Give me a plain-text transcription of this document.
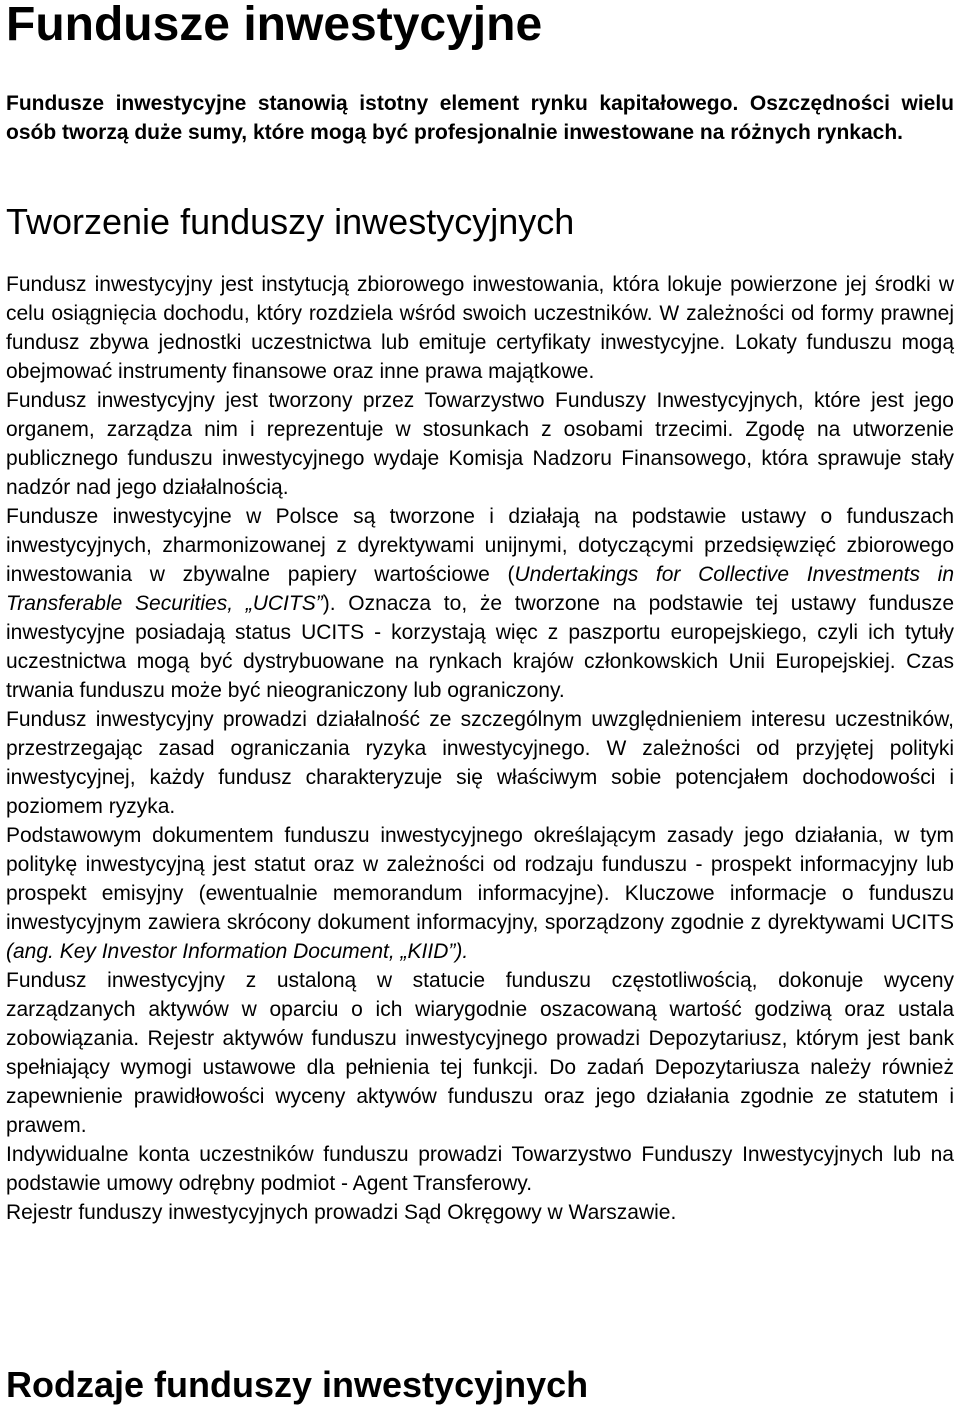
Fundusze inwestycyjne

Fundusze inwestycyjne stanowią istotny element rynku kapitałowego. Oszczędności wielu osób tworzą duże sumy, które mogą być profesjonalnie inwestowane na różnych rynkach.

Tworzenie funduszy inwestycyjnych

Fundusz inwestycyjny jest instytucją zbiorowego inwestowania, która lokuje powierzone jej środki w celu osiągnięcia dochodu, który rozdziela wśród swoich uczestników. W zależności od formy prawnej fundusz zbywa jednostki uczestnictwa lub emituje certyfikaty inwestycyjne. Lokaty funduszu mogą obejmować instrumenty finansowe oraz inne prawa majątkowe.

Fundusz inwestycyjny jest tworzony przez Towarzystwo Funduszy Inwestycyjnych, które jest jego organem, zarządza nim i reprezentuje w stosunkach z osobami trzecimi. Zgodę na utworzenie publicznego funduszu inwestycyjnego wydaje Komisja Nadzoru Finansowego, która sprawuje stały nadzór nad jego działalnością.

Fundusze inwestycyjne w Polsce są tworzone i działają na podstawie ustawy o funduszach inwestycyjnych, zharmonizowanej z dyrektywami unijnymi, dotyczącymi przedsięwzięć zbiorowego inwestowania w zbywalne papiery wartościowe (Undertakings for Collective Investments in Transferable Securities, „UCITS”). Oznacza to, że tworzone na podstawie tej ustawy fundusze inwestycyjne posiadają status UCITS - korzystają więc z paszportu europejskiego, czyli ich tytuły uczestnictwa mogą być dystrybuowane na rynkach krajów członkowskich Unii Europejskiej. Czas trwania funduszu może być nieograniczony lub ograniczony.

Fundusz inwestycyjny prowadzi działalność ze szczególnym uwzględnieniem interesu uczestników, przestrzegając zasad ograniczania ryzyka inwestycyjnego. W zależności od przyjętej polityki inwestycyjnej, każdy fundusz charakteryzuje się właściwym sobie potencjałem dochodowości i poziomem ryzyka.

Podstawowym dokumentem funduszu inwestycyjnego określającym zasady jego działania, w tym politykę inwestycyjną jest statut oraz w zależności od rodzaju funduszu - prospekt informacyjny lub prospekt emisyjny (ewentualnie memorandum informacyjne). Kluczowe informacje o funduszu inwestycyjnym zawiera skrócony dokument informacyjny, sporządzony zgodnie z dyrektywami UCITS (ang. Key Investor Information Document, „KIID”).

Fundusz inwestycyjny z ustaloną w statucie funduszu częstotliwością, dokonuje wyceny zarządzanych aktywów w oparciu o ich wiarygodnie oszacowaną wartość godziwą oraz ustala zobowiązania. Rejestr aktywów funduszu inwestycyjnego prowadzi Depozytariusz, którym jest bank spełniający wymogi ustawowe dla pełnienia tej funkcji. Do zadań Depozytariusza należy również zapewnienie prawidłowości wyceny aktywów funduszu oraz jego działania zgodnie ze statutem i prawem.

Indywidualne konta uczestników funduszu prowadzi Towarzystwo Funduszy Inwestycyjnych lub na podstawie umowy odrębny podmiot - Agent Transferowy.

Rejestr funduszy inwestycyjnych prowadzi Sąd Okręgowy w Warszawie.

Rodzaje funduszy inwestycyjnych
